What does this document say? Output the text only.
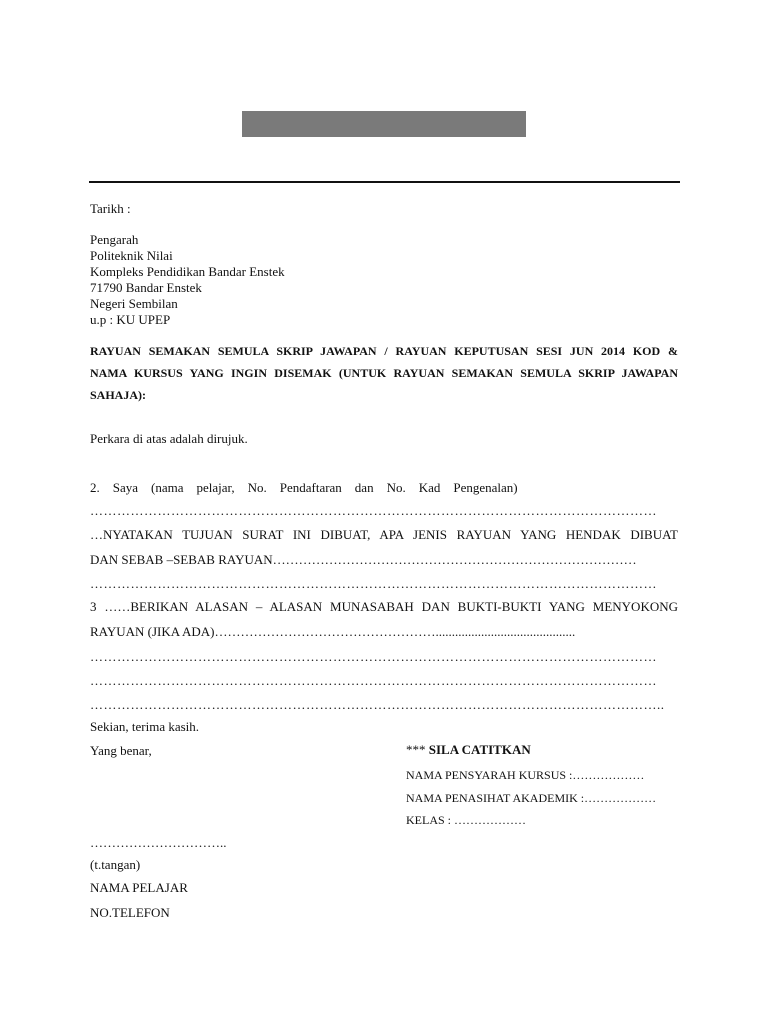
Tarikh :
Pengarah
Politeknik Nilai
Kompleks Pendidikan Bandar Enstek
71790 Bandar Enstek
Negeri Sembilan
u.p : KU UPEP
RAYUAN SEMAKAN SEMULA SKRIP JAWAPAN / RAYUAN KEPUTUSAN SESI JUN 2014 KOD &
NAMA KURSUS YANG INGIN DISEMAK (UNTUK RAYUAN SEMAKAN SEMULA SKRIP JAWAPAN
SAHAJA):
Perkara di atas adalah dirujuk.
2.    Saya    (nama    pelajar,    No.    Pendaftaran    dan    No.    Kad    Pengenalan)
………………………………………………………………………………………………………………
…NYATAKAN TUJUAN SURAT INI DIBUAT, APA JENIS RAYUAN YANG HENDAK DIBUAT
DAN SEBAB –SEBAB RAYUAN…………………………………………………………………………
………………………………………………………………………………………………………………
3 ……BERIKAN ALASAN – ALASAN MUNASABAH DAN BUKTI-BUKTI YANG MENYOKONG
RAYUAN (JIKA ADA)……………………………………………...........................................
………………………………………………………………………………………………………………
………………………………………………………………………………………………………………
………………………………………………………………………………………………………………..
Sekian, terima kasih.
Yang benar,	*** SILA CATITKAN
NAMA PENSYARAH KURSUS :………………
NAMA PENASIHAT AKADEMIK :………………
KELAS : ………………
…………………………..
(t.tangan)
NAMA PELAJAR
NO.TELEFON
